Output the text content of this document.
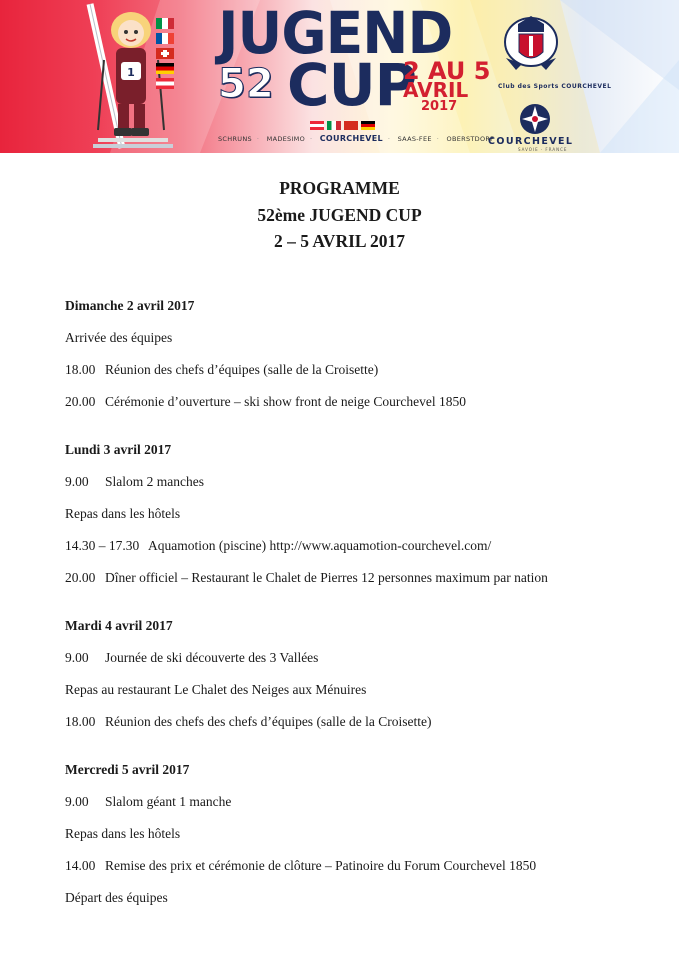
1
JUGEND
52 CUP
2 AU 5
AVRIL
2017
SCHRUNS · MADESIMO · COURCHEVEL · SAAS-FEE · OBERSTDORF
Club des Sports COURCHEVEL
COURCHEVEL
SAVOIE · FRANCE
PROGRAMME
52ème JUGEND CUP
2 – 5 AVRIL 2017
Dimanche 2 avril 2017
Arrivée des équipes
18.00 Réunion des chefs d’équipes (salle de la Croisette)
20.00 Cérémonie d’ouverture – ski show front de neige Courchevel 1850
Lundi 3 avril 2017
9.00 Slalom 2 manches
Repas dans les hôtels
14.30 – 17.30 Aquamotion (piscine) http://www.aquamotion-courchevel.com/
20.00 Dîner officiel – Restaurant le Chalet de Pierres 12 personnes maximum par nation
Mardi 4 avril 2017
9.00 Journée de ski découverte des 3 Vallées
Repas au restaurant Le Chalet des Neiges aux Ménuires
18.00 Réunion des chefs des chefs d’équipes (salle de la Croisette)
Mercredi 5 avril 2017
9.00 Slalom géant 1 manche
Repas dans les hôtels
14.00 Remise des prix et cérémonie de clôture – Patinoire du Forum Courchevel 1850
Départ des équipes
